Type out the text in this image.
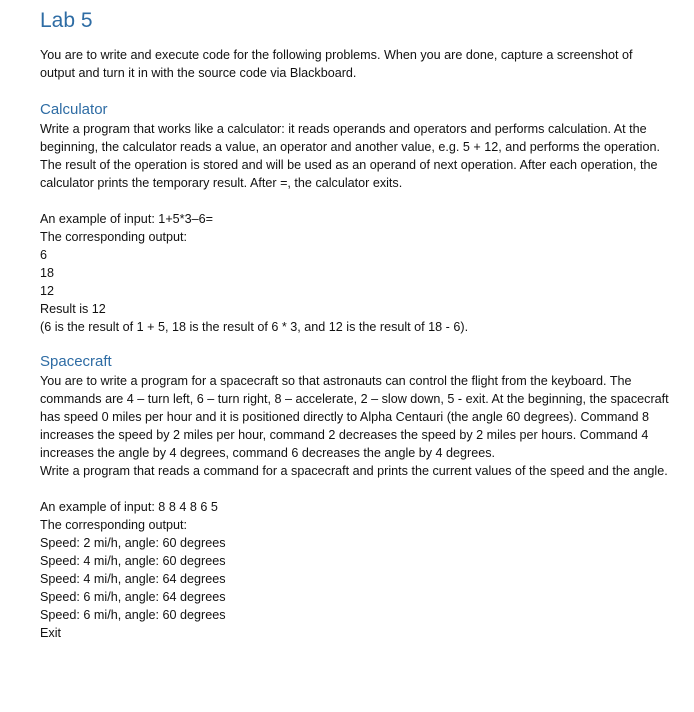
Lab 5

You are to write and execute code for the following problems. When you are done, capture a screenshot of output and turn it in with the source code via Blackboard.

Calculator

Write a program that works like a calculator: it reads operands and operators and performs calculation. At the beginning, the calculator reads a value, an operator and another value, e.g. 5 + 12, and performs the operation. The result of the operation is stored and will be used as an operand of next operation. After each operation, the calculator prints the temporary result. After =, the calculator exits.

An example of input: 1+5*3–6=

The corresponding output:

6

18

12

Result is 12

(6 is the result of 1 + 5, 18 is the result of 6 * 3, and 12 is the result of 18 - 6).

Spacecraft

You are to write a program for a spacecraft so that astronauts can control the flight from the keyboard. The commands are 4 – turn left, 6 – turn right, 8 – accelerate, 2 – slow down, 5 - exit. At the beginning, the spacecraft has speed 0 miles per hour and it is positioned directly to Alpha Centauri (the angle 60 degrees). Command 8 increases the speed by 2 miles per hour, command 2 decreases the speed by 2 miles per hours. Command 4 increases the angle by 4 degrees, command 6 decreases the angle by 4 degrees.

Write a program that reads a command for a spacecraft and prints the current values of the speed and the angle.

An example of input: 8 8 4 8 6 5

The corresponding output:

Speed: 2 mi/h, angle: 60 degrees

Speed: 4 mi/h, angle: 60 degrees

Speed: 4 mi/h, angle: 64 degrees

Speed: 6 mi/h, angle: 64 degrees

Speed: 6 mi/h, angle: 60 degrees

Exit
